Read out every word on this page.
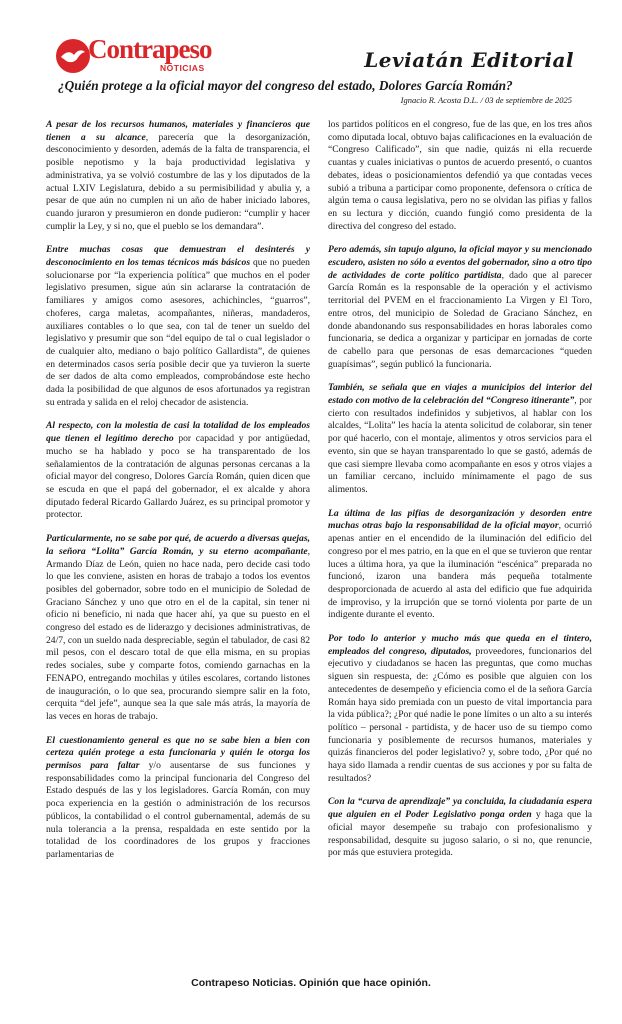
Contrapeso
NOTICIAS	Leviatán Editorial
¿Quién protege a la oficial mayor del congreso del estado, Dolores García Román?
Ignacio R. Acosta D.L. / 03 de septiembre de 2025

A pesar de los recursos humanos, materiales y financieros que tienen a su alcance, parecería que la desorganización, desconocimiento y desorden, además de la falta de transparencia, el posible nepotismo y la baja productividad legislativa y administrativa, ya se volvió costumbre de las y los diputados de la actual LXIV Legislatura, debido a su permisibilidad y abulia y, a pesar de que aún no cumplen ni un año de haber iniciado labores, cuando juraron y presumieron en donde pudieron: “cumplir y hacer cumplir la Ley, y si no, que el pueblo se los demandara”.

Entre muchas cosas que demuestran el desinterés y desconocimiento en los temas técnicos más básicos que no pueden solucionarse por “la experiencia política” que muchos en el poder legislativo presumen, sigue aún sin aclararse la contratación de familiares y amigos como asesores, achichincles, “guarros”, choferes, carga maletas, acompañantes, niñeras, mandaderos, auxiliares contables o lo que sea, con tal de tener un sueldo del legislativo y presumir que son “del equipo de tal o cual legislador o de cualquier alto, mediano o bajo político Gallardista”, de quienes en determinados casos sería posible decir que ya tuvieron la suerte de ser dados de alta como empleados, comprobándose este hecho dada la posibilidad de que algunos de esos afortunados ya registran su entrada y salida en el reloj checador de asistencia.

Al respecto, con la molestia de casi la totalidad de los empleados que tienen el legítimo derecho por capacidad y por antigüedad, mucho se ha hablado y poco se ha transparentado de los señalamientos de la contratación de algunas personas cercanas a la oficial mayor del congreso, Dolores García Román, quien dicen que se escuda en que el papá del gobernador, el ex alcalde y ahora diputado federal Ricardo Gallardo Juárez, es su principal promotor y protector.

Particularmente, no se sabe por qué, de acuerdo a diversas quejas, la señora “Lolita” García Román, y su eterno acompañante, Armando Díaz de León, quien no hace nada, pero decide casi todo lo que les conviene, asisten en horas de trabajo a todos los eventos posibles del gobernador, sobre todo en el municipio de Soledad de Graciano Sánchez y uno que otro en el de la capital, sin tener ni oficio ni beneficio, ni nada que hacer ahí, ya que su puesto en el congreso del estado es de liderazgo y decisiones administrativas, de 24/7, con un sueldo nada despreciable, según el tabulador, de casi 82 mil pesos, con el descaro total de que ella misma, en su propias redes sociales, sube y comparte fotos, comiendo garnachas en la FENAPO, entregando mochilas y útiles escolares, cortando listones de inauguración, o lo que sea, procurando siempre salir en la foto, cerquita “del jefe”, aunque sea la que sale más atrás, la mayoría de las veces en horas de trabajo.

El cuestionamiento general es que no se sabe bien a bien con certeza quién protege a esta funcionaria y quién le otorga los permisos para faltar y/o ausentarse de sus funciones y responsabilidades como la principal funcionaria del Congreso del Estado después de las y los legisladores. García Román, con muy poca experiencia en la gestión o administración de los recursos públicos, la contabilidad o el control gubernamental, además de su nula tolerancia a la prensa, respaldada en este sentido por la totalidad de los coordinadores de los grupos y fracciones parlamentarias de

los partidos políticos en el congreso, fue de las que, en los tres años como diputada local, obtuvo bajas calificaciones en la evaluación de “Congreso Calificado”, sin que nadie, quizás ni ella recuerde cuantas y cuales iniciativas o puntos de acuerdo presentó, o cuantos debates, ideas o posicionamientos defendió ya que contadas veces subió a tribuna a participar como proponente, defensora o crítica de algún tema o causa legislativa, pero no se olvidan las pifias y fallos en su lectura y dicción, cuando fungió como presidenta de la directiva del congreso del estado.

Pero además, sin tapujo alguno, la oficial mayor y su mencionado escudero, asisten no sólo a eventos del gobernador, sino a otro tipo de actividades de corte político partidista, dado que al parecer García Román es la responsable de la operación y el activismo territorial del PVEM en el fraccionamiento La Virgen y El Toro, entre otros, del municipio de Soledad de Graciano Sánchez, en donde abandonando sus responsabilidades en horas laborales como funcionaria, se dedica a organizar y participar en jornadas de corte de cabello para que personas de esas demarcaciones “queden guapísimas”, según publicó la funcionaria.

También, se señala que en viajes a municipios del interior del estado con motivo de la celebración del “Congreso itinerante”, por cierto con resultados indefinidos y subjetivos, al hablar con los alcaldes, “Lolita” les hacía la atenta solicitud de colaborar, sin tener por qué hacerlo, con el montaje, alimentos y otros servicios para el evento, sin que se hayan transparentado lo que se gastó, además de que casi siempre llevaba como acompañante en esos y otros viajes a un familiar cercano, incluido mínimamente el pago de sus alimentos.

La última de las pifias de desorganización y desorden entre muchas otras bajo la responsabilidad de la oficial mayor, ocurrió apenas antier en el encendido de la iluminación del edificio del congreso por el mes patrio, en la que en el que se tuvieron que rentar luces a última hora, ya que la iluminación “escénica” preparada no funcionó, izaron una bandera más pequeña totalmente desproporcionada de acuerdo al asta del edificio que fue adquirida de improviso, y la irrupción que se tornó violenta por parte de un indigente durante el evento.

Por todo lo anterior y mucho más que queda en el tintero, empleados del congreso, diputados, proveedores, funcionarios del ejecutivo y ciudadanos se hacen las preguntas, que como muchas siguen sin respuesta, de: ¿Cómo es posible que alguien con los antecedentes de desempeño y eficiencia como el de la señora García Román haya sido premiada con un puesto de vital importancia para la vida pública?; ¿Por qué nadie le pone límites o un alto a su interés político – personal - partidista, y de hacer uso de su tiempo como funcionaria y posiblemente de recursos humanos, materiales y quizás financieros del poder legislativo? y, sobre todo, ¿Por qué no haya sido llamada a rendir cuentas de sus acciones y por su falta de resultados?

Con la “curva de aprendizaje” ya concluida, la ciudadanía espera que alguien en el Poder Legislativo ponga orden y haga que la oficial mayor desempeñe su trabajo con profesionalismo y responsabilidad, desquite su jugoso salario, o si no, que renuncie, por más que estuviera protegida.

Contrapeso Noticias. Opinión que hace opinión.
